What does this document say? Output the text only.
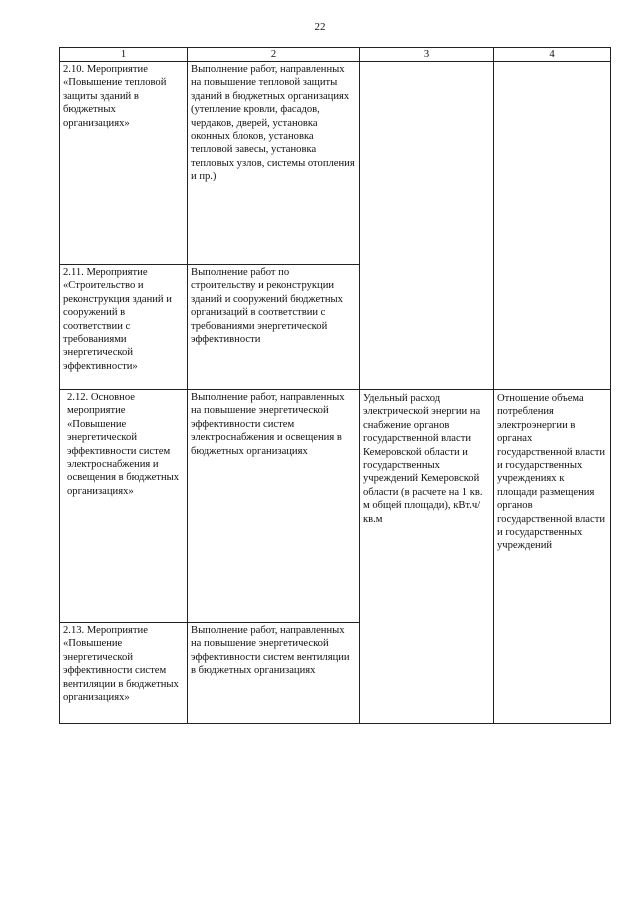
22
1	2	3	4

2.10. Мероприятие «Повышение тепловой защиты зданий в бюджетных организациях»	Выполнение работ, направленных на повышение тепловой защиты зданий в бюджетных организациях (утепление кровли, фасадов, чердаков, дверей, установка оконных блоков, установка тепловой завесы, установка тепловых узлов, системы отопления и пр.)		

2.11. Мероприятие «Строительство и реконструкция зданий и сооружений в соответствии с требованиями энергетической эффективности»	Выполнение работ по строительству и реконструкции зданий и сооружений бюджетных организаций в соответствии с требованиями энергетической эффективности		

2.12. Основное мероприятие «Повышение энергетической эффективности систем электроснабжения и освещения в бюджетных организациях»	Выполнение работ, направленных на повышение энергетической эффективности систем электроснабжения и освещения в бюджетных организациях	Удельный расход электрической энергии на снабжение органов государственной власти Кемеровской области и государственных учреждений Кемеровской области (в расчете на 1 кв. м общей площади), кВт.ч/кв.м	Отношение объема потребления электроэнергии в органах государственной власти и государственных учреждениях к площади размещения органов государственной власти и государственных учреждений

2.13. Мероприятие «Повышение энергетической эффективности систем вентиляции в бюджетных организациях»	Выполнение работ, направленных на повышение энергетической эффективности систем вентиляции в бюджетных организациях		
